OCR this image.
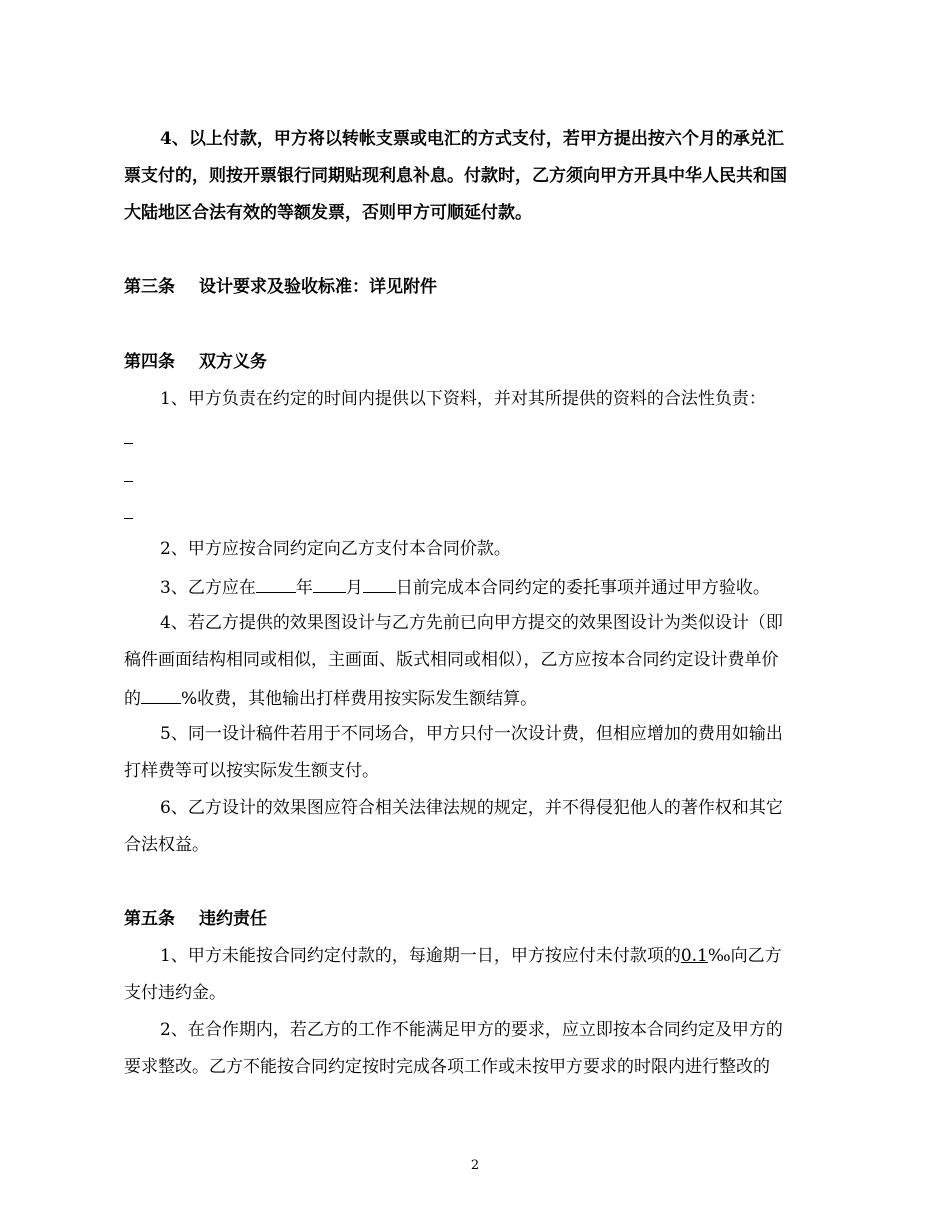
4、以上付款，甲方将以转帐支票或电汇的方式支付，若甲方提出按六个月的承兑汇
票支付的，则按开票银行同期贴现利息补息。付款时，乙方须向甲方开具中华人民共和国
大陆地区合法有效的等额发票，否则甲方可顺延付款。
第三条 设计要求及验收标准：详见附件
第四条 双方义务
1、甲方负责在约定的时间内提供以下资料，并对其所提供的资料的合法性负责：
2、甲方应按合同约定向乙方支付本合同价款。
3、乙方应在 年 月 日前完成本合同约定的委托事项并通过甲方验收。
4、若乙方提供的效果图设计与乙方先前已向甲方提交的效果图设计为类似设计（即
稿件画面结构相同或相似，主画面、版式相同或相似），乙方应按本合同约定设计费单价
的 %收费，其他输出打样费用按实际发生额结算。
5、同一设计稿件若用于不同场合，甲方只付一次设计费，但相应增加的费用如输出
打样费等可以按实际发生额支付。
6、乙方设计的效果图应符合相关法律法规的规定，并不得侵犯他人的著作权和其它
合法权益。
第五条 违约责任
1、甲方未能按合同约定付款的，每逾期一日，甲方按应付未付款项的0.1‰向乙方
支付违约金。
2、在合作期内，若乙方的工作不能满足甲方的要求，应立即按本合同约定及甲方的
要求整改。乙方不能按合同约定按时完成各项工作或未按甲方要求的时限内进行整改的
2
